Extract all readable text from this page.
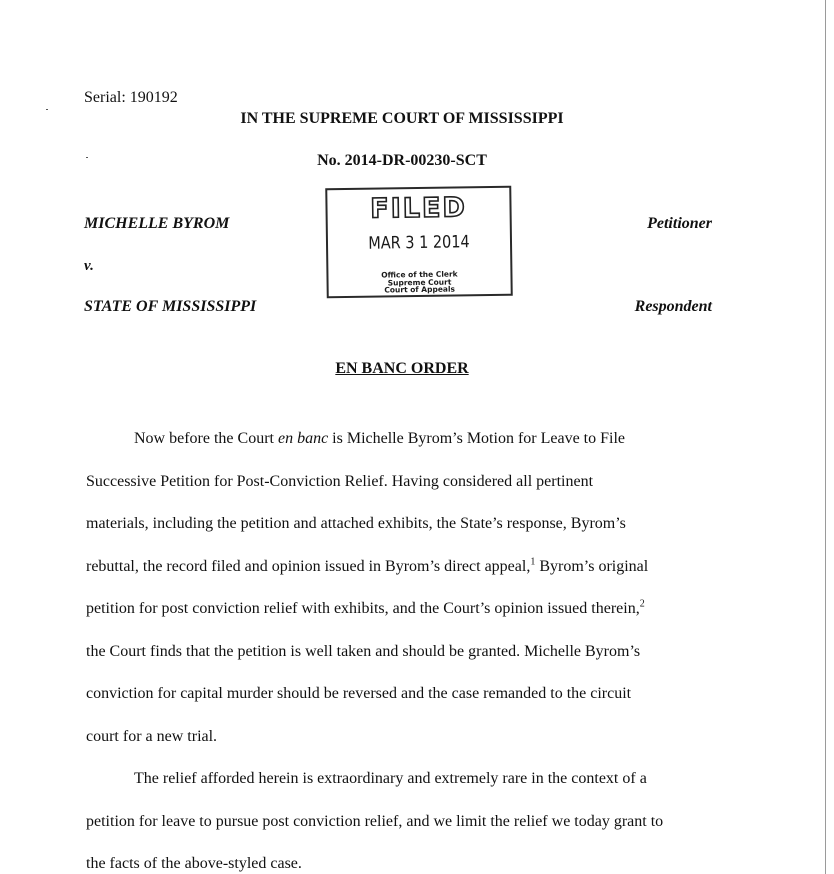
Serial: 190192
IN THE SUPREME COURT OF MISSISSIPPI
No. 2014-DR-00230-SCT
MICHELLE BYROM
v.
STATE OF MISSISSIPPI
Petitioner
Respondent
FILED
MAR 3 1 2014
Office of the Clerk
Supreme Court
Court of Appeals
EN BANC ORDER

Now before the Court en banc is Michelle Byrom’s Motion for Leave to File
Successive Petition for Post-Conviction Relief. Having considered all pertinent
materials, including the petition and attached exhibits, the State’s response, Byrom’s
rebuttal, the record filed and opinion issued in Byrom’s direct appeal,$^1$ Byrom’s original
petition for post conviction relief with exhibits, and the Court’s opinion issued therein,$^2$
the Court finds that the petition is well taken and should be granted. Michelle Byrom’s
conviction for capital murder should be reversed and the case remanded to the circuit
court for a new trial.

The relief afforded herein is extraordinary and extremely rare in the context of a
petition for leave to pursue post conviction relief, and we limit the relief we today grant to
the facts of the above-styled case.
